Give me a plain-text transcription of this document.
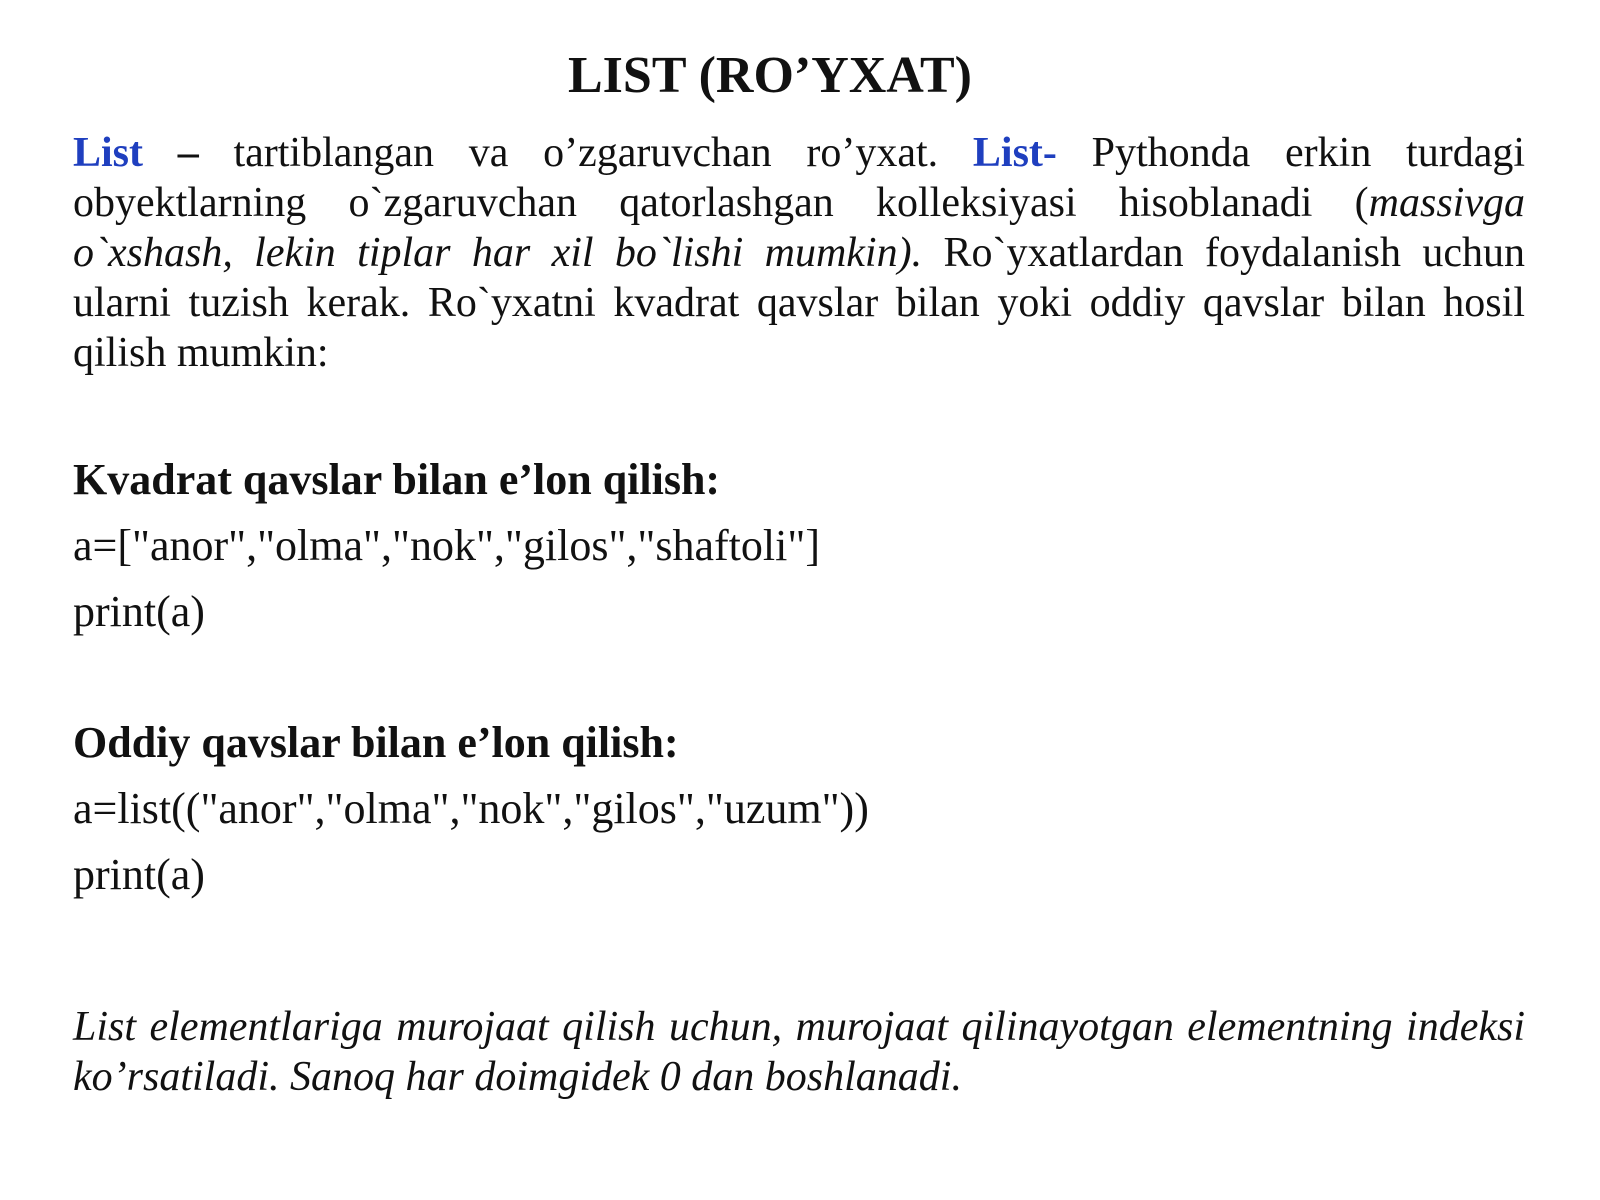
LIST (RO’YXAT)

List – tartiblangan va o’zgaruvchan ro’yxat. List- Pythonda erkin turdagi obyektlarning o`zgaruvchan qatorlashgan kolleksiyasi hisoblanadi (massivga o`xshash, lekin tiplar har xil bo`lishi mumkin). Ro`yxatlardan foydalanish uchun ularni tuzish kerak. Ro`yxatni kvadrat qavslar bilan yoki oddiy qavslar bilan hosil qilish mumkin:

Kvadrat qavslar bilan e’lon qilish:

a=["anor","olma","nok","gilos","shaftoli"]

print(a)

Oddiy qavslar bilan e’lon qilish:

a=list(("anor","olma","nok","gilos","uzum"))

print(a)

List elementlariga murojaat qilish uchun, murojaat qilinayotgan elementning indeksi ko’rsatiladi. Sanoq har doimgidek 0 dan boshlanadi.
